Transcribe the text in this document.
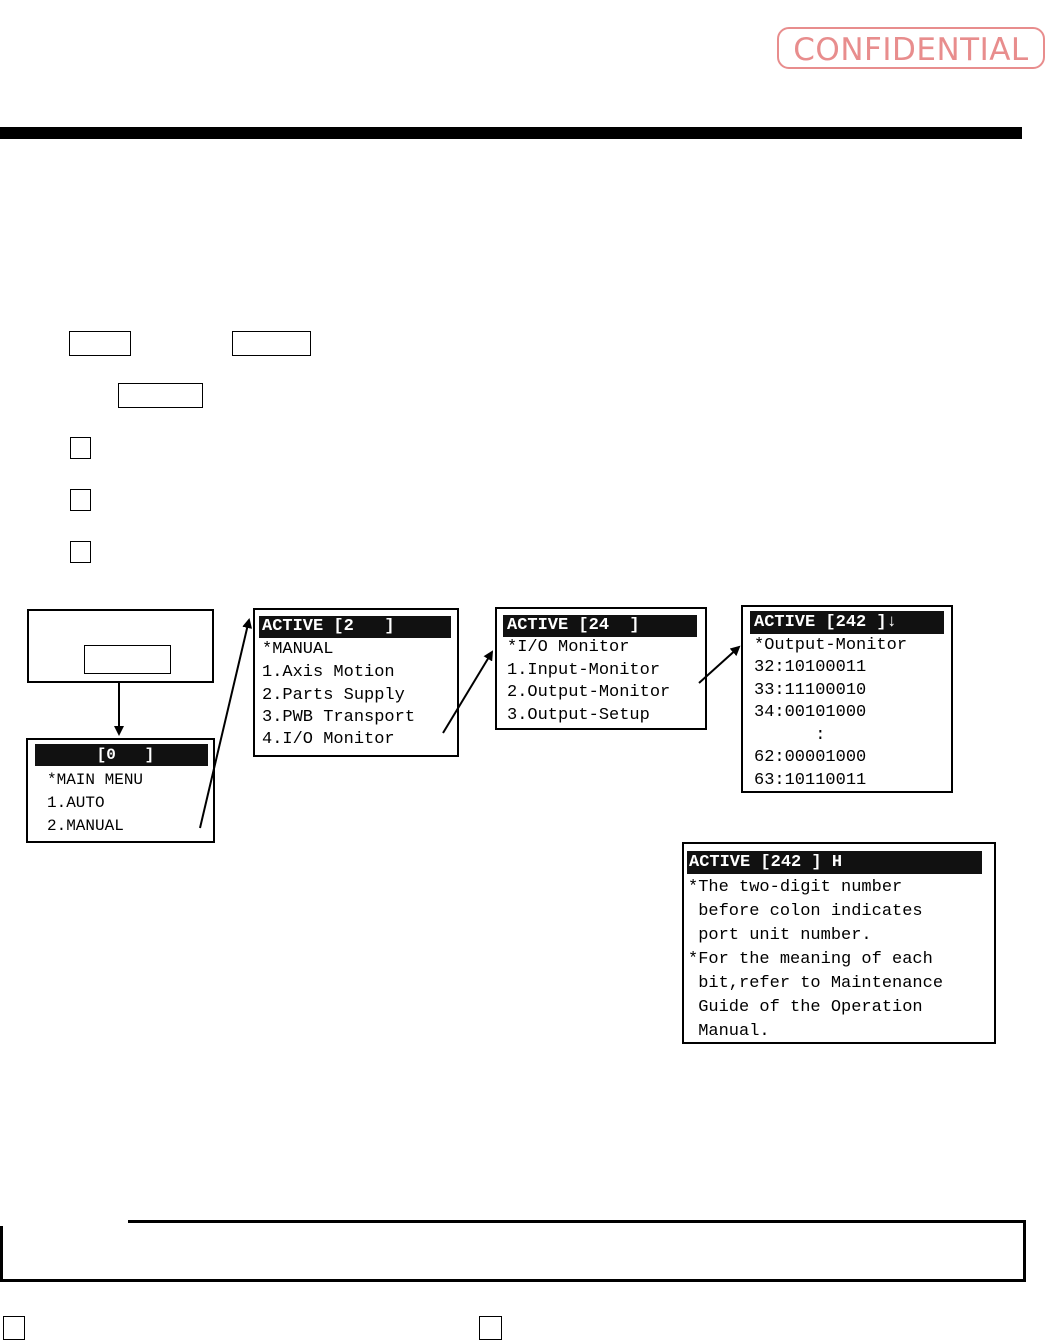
CONFIDENTIAL
[0   ]
*MAIN MENU
1.AUTO
2.MANUAL
ACTIVE [2   ]
*MANUAL
1.Axis Motion
2.Parts Supply
3.PWB Transport
4.I/O Monitor
ACTIVE [24  ]
*I/O Monitor
1.Input-Monitor
2.Output-Monitor
3.Output-Setup
ACTIVE [242 ]↓
*Output-Monitor
32:10100011
33:11100010
34:00101000
:
62:00001000
63:10110011
ACTIVE [242 ] H
*The two-digit number
before colon indicates
port unit number.
*For the meaning of each
bit,refer to Maintenance
Guide of the Operation
Manual.
